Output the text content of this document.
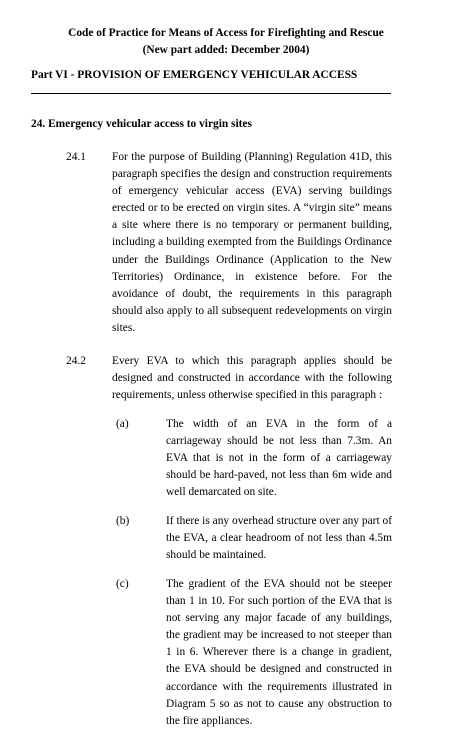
Code of Practice for Means of Access for Firefighting and Rescue
(New part added: December 2004)
Part VI - PROVISION OF EMERGENCY VEHICULAR ACCESS
24. Emergency vehicular access to virgin sites
24.1 For the purpose of Building (Planning) Regulation 41D, this paragraph specifies the design and construction requirements of emergency vehicular access (EVA) serving buildings erected or to be erected on virgin sites. A “virgin site” means a site where there is no temporary or permanent building, including a building exempted from the Buildings Ordinance under the Buildings Ordinance (Application to the New Territories) Ordinance, in existence before. For the avoidance of doubt, the requirements in this paragraph should also apply to all subsequent redevelopments on virgin sites.
24.2 Every EVA to which this paragraph applies should be designed and constructed in accordance with the following requirements, unless otherwise specified in this paragraph :
(a)	The width of an EVA in the form of a carriageway should be not less than 7.3m. An EVA that is not in the form of a carriageway should be hard-paved, not less than 6m wide and well demarcated on site.
(b)	If there is any overhead structure over any part of the EVA, a clear headroom of not less than 4.5m should be maintained.
(c)	The gradient of the EVA should not be steeper than 1 in 10. For such portion of the EVA that is not serving any major facade of any buildings, the gradient may be increased to not steeper than 1 in 6. Wherever there is a change in gradient, the EVA should be designed and constructed in accordance with the requirements illustrated in Diagram 5 so as not to cause any obstruction to the fire appliances.
